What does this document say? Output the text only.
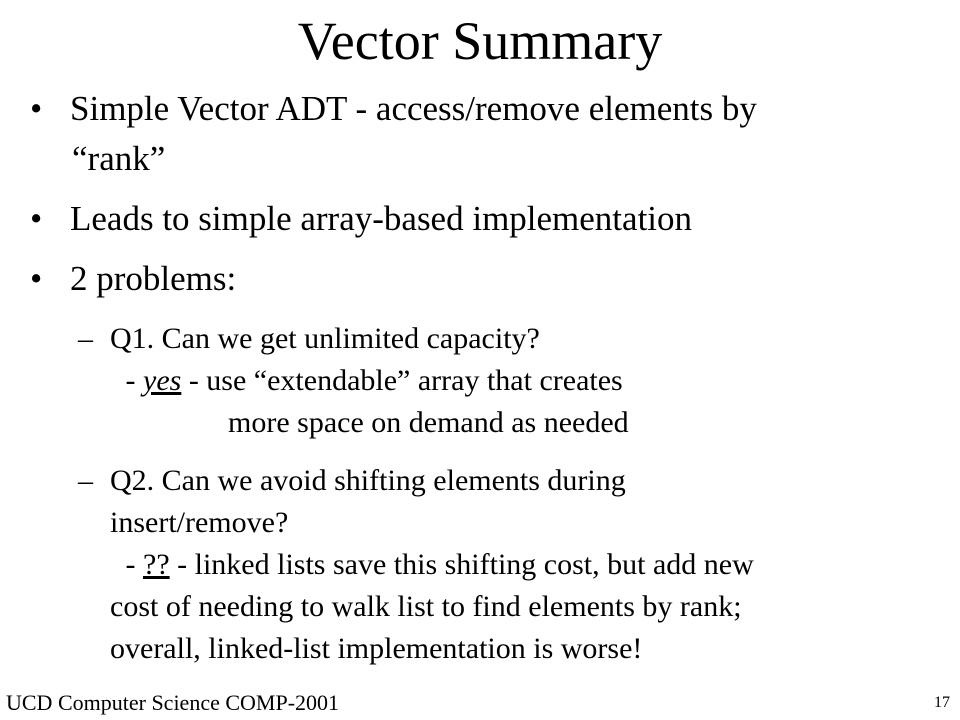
Vector Summary
• Simple Vector ADT - access/remove elements by
“rank”
• Leads to simple array-based implementation
• 2 problems:
– Q1. Can we get unlimited capacity?
- yes - use “extendable” array that creates
more space on demand as needed
– Q2. Can we avoid shifting elements during
insert/remove?
- ?? - linked lists save this shifting cost, but add new
cost of needing to walk list to find elements by rank;
overall, linked-list implementation is worse!
UCD Computer Science COMP-2001	17
